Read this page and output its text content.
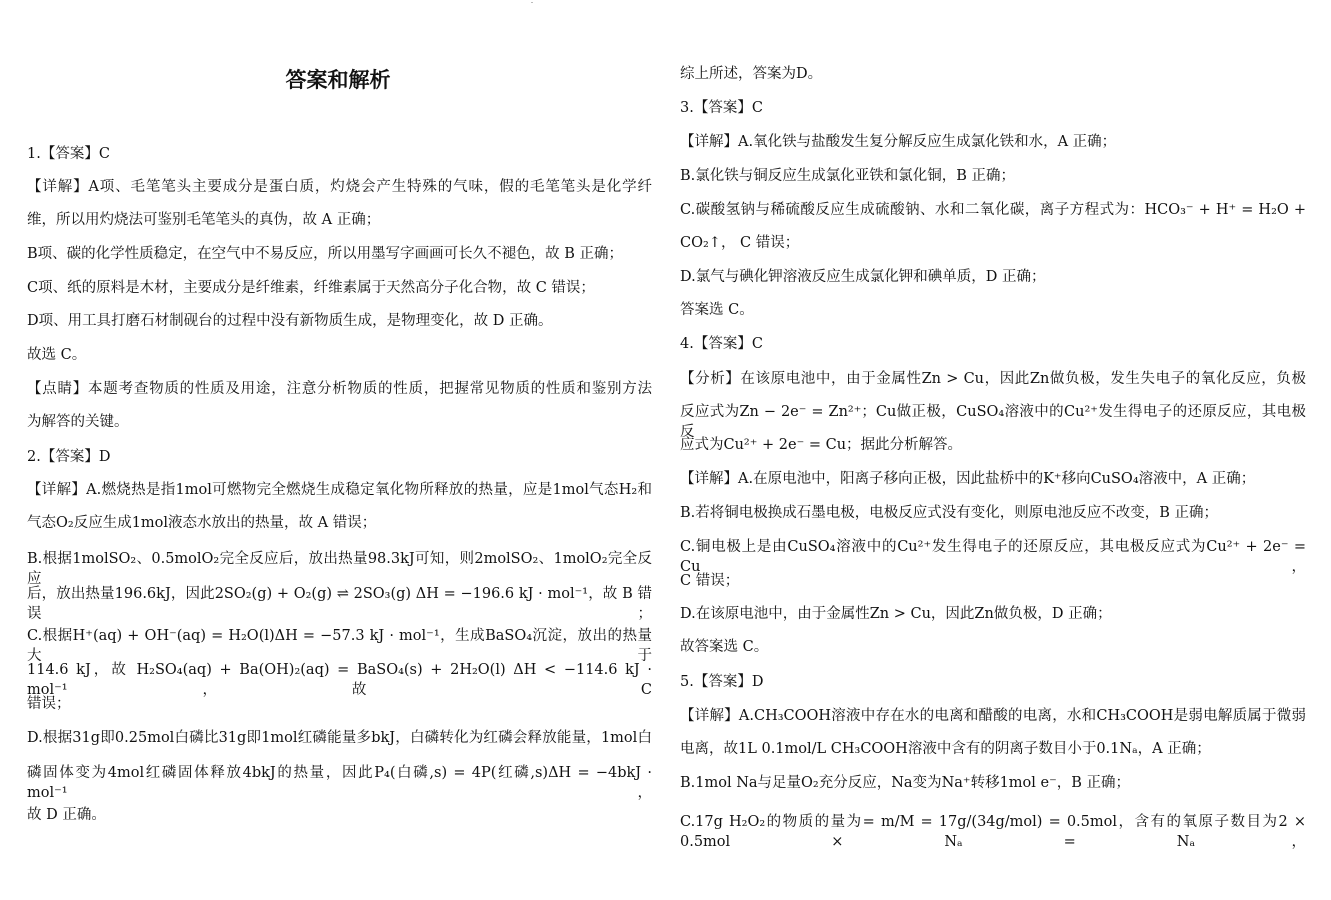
答案和解析
1.【答案】C
【详解】A项、毛笔笔头主要成分是蛋白质，灼烧会产生特殊的气味，假的毛笔笔头是化学纤
维，所以用灼烧法可鉴别毛笔笔头的真伪，故 A 正确；
B项、碳的化学性质稳定，在空气中不易反应，所以用墨写字画画可长久不褪色，故 B 正确；
C项、纸的原料是木材，主要成分是纤维素，纤维素属于天然高分子化合物，故 C 错误；
D项、用工具打磨石材制砚台的过程中没有新物质生成，是物理变化，故 D 正确。
故选 C。
【点睛】本题考查物质的性质及用途，注意分析物质的性质，把握常见物质的性质和鉴别方法
为解答的关键。
2.【答案】D
【详解】A.燃烧热是指1mol可燃物完全燃烧生成稳定氧化物所释放的热量，应是1mol气态H₂和
气态O₂反应生成1mol液态水放出的热量，故 A 错误；
B.根据1molSO₂、0.5molO₂完全反应后，放出热量98.3kJ可知，则2molSO₂、1molO₂完全反应
后，放出热量196.6kJ，因此2SO₂(g) + O₂(g) ⇌ 2SO₃(g) ΔH = −196.6 kJ · mol⁻¹，故 B 错误；
C.根据H⁺(aq) + OH⁻(aq) = H₂O(l)ΔH = −57.3 kJ · mol⁻¹，生成BaSO₄沉淀，放出的热量大于
114.6 kJ，故 H₂SO₄(aq) + Ba(OH)₂(aq) = BaSO₄(s) + 2H₂O(l) ΔH < −114.6 kJ · mol⁻¹，故 C
错误；
D.根据31g即0.25mol白磷比31g即1mol红磷能量多bkJ，白磷转化为红磷会释放能量，1mol白
磷固体变为4mol红磷固体释放4bkJ的热量，因此P₄(白磷,s) = 4P(红磷,s)ΔH = −4bkJ · mol⁻¹，
故 D 正确。
综上所述，答案为D。
3.【答案】C
【详解】A.氧化铁与盐酸发生复分解反应生成氯化铁和水，A 正确；
B.氯化铁与铜反应生成氯化亚铁和氯化铜，B 正确；
C.碳酸氢钠与稀硫酸反应生成硫酸钠、水和二氧化碳，离子方程式为：HCO₃⁻ + H⁺ = H₂O +
CO₂↑， C 错误；
D.氯气与碘化钾溶液反应生成氯化钾和碘单质，D 正确；
答案选 C。
4.【答案】C
【分析】在该原电池中，由于金属性Zn > Cu，因此Zn做负极，发生失电子的氧化反应，负极
反应式为Zn − 2e⁻ = Zn²⁺；Cu做正极，CuSO₄溶液中的Cu²⁺发生得电子的还原反应，其电极反
应式为Cu²⁺ + 2e⁻ = Cu；据此分析解答。
【详解】A.在原电池中，阳离子移向正极，因此盐桥中的K⁺移向CuSO₄溶液中，A 正确；
B.若将铜电极换成石墨电极，电极反应式没有变化，则原电池反应不改变，B 正确；
C.铜电极上是由CuSO₄溶液中的Cu²⁺发生得电子的还原反应，其电极反应式为Cu²⁺ + 2e⁻ = Cu，
C 错误；
D.在该原电池中，由于金属性Zn > Cu，因此Zn做负极，D 正确；
故答案选 C。
5.【答案】D
【详解】A.CH₃COOH溶液中存在水的电离和醋酸的电离，水和CH₃COOH是弱电解质属于微弱
电离，故1L 0.1mol/L CH₃COOH溶液中含有的阴离子数目小于0.1Nₐ，A 正确；
B.1mol Na与足量O₂充分反应，Na变为Na⁺转移1mol e⁻，B 正确；
C.17g H₂O₂的物质的量为= m/M = 17g/(34g/mol) = 0.5mol，含有的氧原子数目为2 × 0.5mol × Nₐ = Nₐ，
